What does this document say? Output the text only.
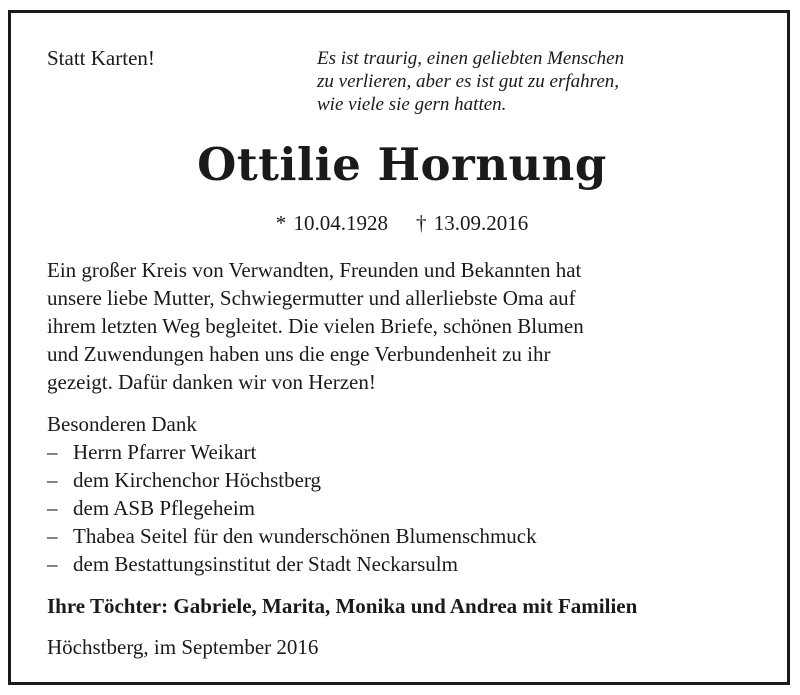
Statt Karten!	Es ist traurig, einen geliebten Menschen
zu verlieren, aber es ist gut zu erfahren,
wie viele sie gern hatten.
Ottilie Hornung
* 10.04.1928 † 13.09.2016
Ein großer Kreis von Verwandten, Freunden und Bekannten hat
unsere liebe Mutter, Schwiegermutter und allerliebste Oma auf
ihrem letzten Weg begleitet. Die vielen Briefe, schönen Blumen
und Zuwendungen haben uns die enge Verbundenheit zu ihr
gezeigt. Dafür danken wir von Herzen!
Besonderen Dank
– Herrn Pfarrer Weikart
– dem Kirchenchor Höchstberg
– dem ASB Pflegeheim
– Thabea Seitel für den wunderschönen Blumenschmuck
– dem Bestattungsinstitut der Stadt Neckarsulm
Ihre Töchter: Gabriele, Marita, Monika und Andrea mit Familien
Höchstberg, im September 2016
